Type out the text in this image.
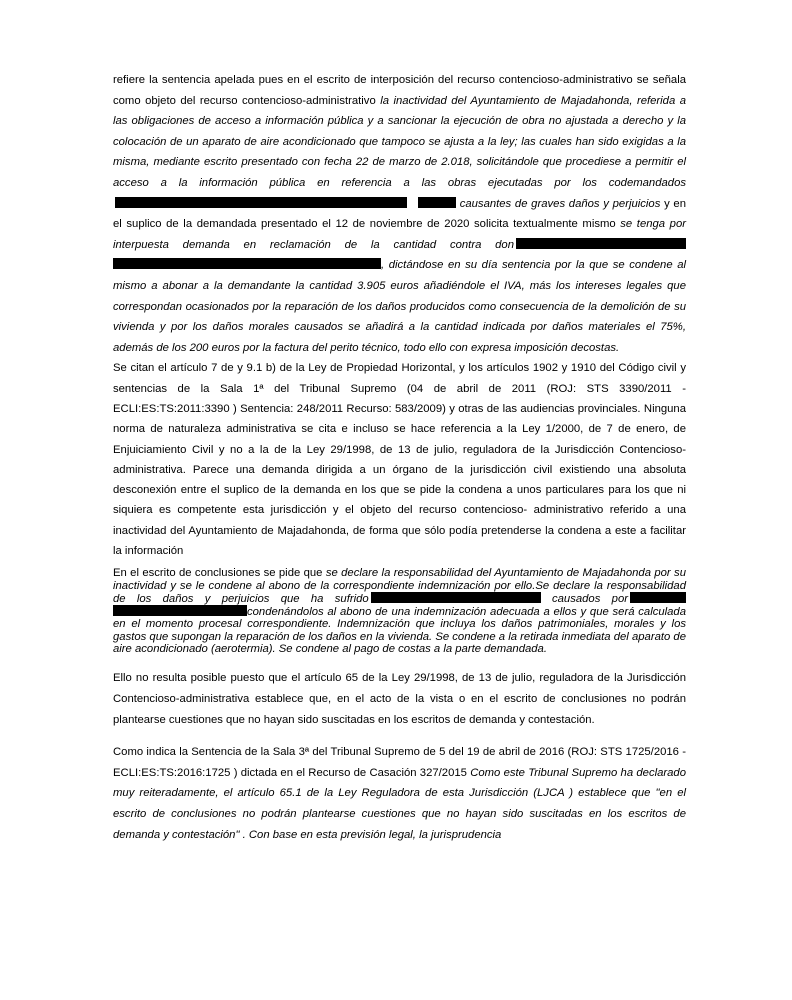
refiere la sentencia apelada pues en el escrito de interposición del recurso contencioso-administrativo se señala como objeto del recurso contencioso-administrativo la inactividad del Ayuntamiento de Majadahonda, referida a las obligaciones de acceso a información pública y a sancionar la ejecución de obra no ajustada a derecho y la colocación de un aparato de aire acondicionado que tampoco se ajusta a la ley; las cuales han sido exigidas a la misma, mediante escrito presentado con fecha 22 de marzo de 2.018, solicitándole que procediese a permitir el acceso a la información pública en referencia a las obras ejecutadas por los codemandados causantes de graves daños y perjuicios y en el suplico de la demandada presentado el 12 de noviembre de 2020 solicita textualmente mismo se tenga por interpuesta demanda en reclamación de la cantidad contra don , dictándose en su día sentencia por la que se condene al mismo a abonar a la demandante la cantidad 3.905 euros añadiéndole el IVA, más los intereses legales que correspondan ocasionados por la reparación de los daños producidos como consecuencia de la demolición de su vivienda y por los daños morales causados se añadirá a la cantidad indicada por daños materiales el 75%, además de los 200 euros por la factura del perito técnico, todo ello con expresa imposición decostas.

Se citan el artículo 7 de y 9.1 b) de la Ley de Propiedad Horizontal, y los artículos 1902 y 1910 del Código civil y sentencias de la Sala 1ª del Tribunal Supremo (04 de abril de 2011 (ROJ: STS 3390/2011 - ECLI:ES:TS:2011:3390 ) Sentencia: 248/2011 Recurso: 583/2009) y otras de las audiencias provinciales. Ninguna norma de naturaleza administrativa se cita e incluso se hace referencia a la Ley 1/2000, de 7 de enero, de Enjuiciamiento Civil y no a la de la Ley 29/1998, de 13 de julio, reguladora de la Jurisdicción Contencioso-administrativa. Parece una demanda dirigida a un órgano de la jurisdicción civil existiendo una absoluta desconexión entre el suplico de la demanda en los que se pide la condena a unos particulares para los que ni siquiera es competente esta jurisdicción y el objeto del recurso contencioso- administrativo referido a una inactividad del Ayuntamiento de Majadahonda, de forma que sólo podía pretenderse la condena a este a facilitar la información

En el escrito de conclusiones se pide que se declare la responsabilidad del Ayuntamiento de Majadahonda por su inactividad y se le condene al abono de la correspondiente indemnización por ello.Se declare la responsabilidad de los daños y perjuicios que ha sufrido	causados por condenándolos al abono de una indemnización adecuada a ellos y que será calculada en el momento procesal correspondiente. Indemnización que incluya los daños patrimoniales, morales y los gastos que supongan la reparación de los daños en la vivienda. Se condene a la retirada inmediata del aparato de aire acondicionado (aerotermia). Se condene al pago de costas a la parte demandada.

Ello no resulta posible puesto que el artículo 65 de la Ley 29/1998, de 13 de julio, reguladora de la Jurisdicción Contencioso-administrativa establece que, en el acto de la vista o en el escrito de conclusiones no podrán plantearse cuestiones que no hayan sido suscitadas en los escritos de demanda y contestación.

Como indica la Sentencia de la Sala 3ª del Tribunal Supremo de 5 del 19 de abril de 2016 (ROJ: STS 1725/2016 - ECLI:ES:TS:2016:1725 ) dictada en el Recurso de Casación 327/2015 Como este Tribunal Supremo ha declarado muy reiteradamente, el artículo 65.1 de la Ley Reguladora de esta Jurisdicción (LJCA ) establece que "en el escrito de conclusiones no podrán plantearse cuestiones que no hayan sido suscitadas en los escritos de demanda y contestación" . Con base en esta previsión legal, la jurisprudencia
